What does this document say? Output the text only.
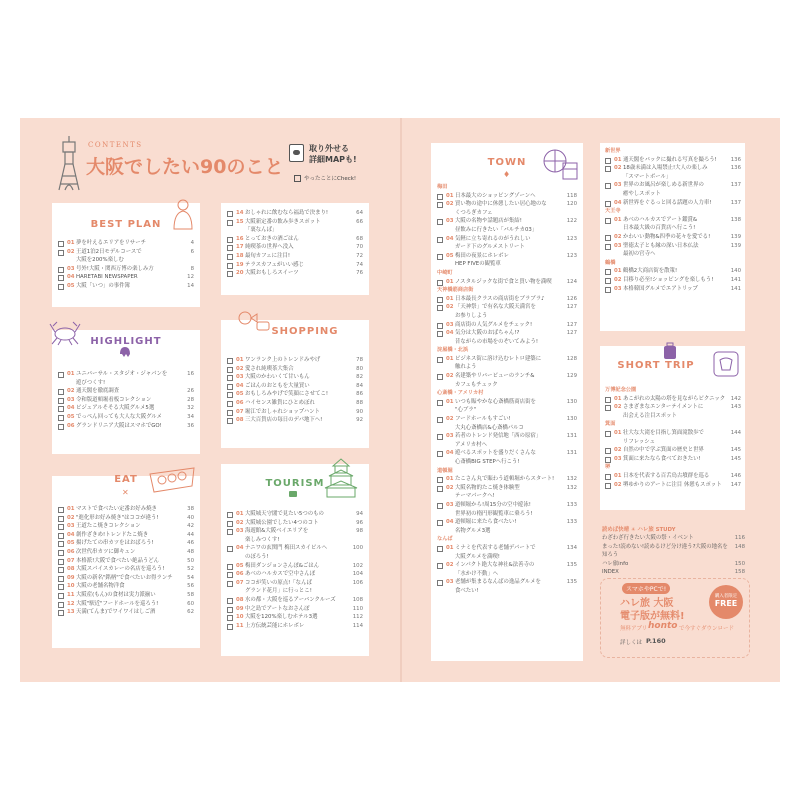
CONTENTS
大阪でしたい90のこと
取り外せる
詳細MAPも!
やったことにCheck!
BEST PLAN
01 夢を叶えるエリアをリサーチ	4
02 王道1泊2日モデルコースで
大阪を200%楽しむ
6
03 号外!大阪・関西万博の楽しみ方	8
04 HARETABI NEWSPAPER	12
05 大阪「いつ」の事件簿	14
HIGHLIGHT
01 ユニバーサル・スタジオ・ジャパンを
遊びつくす!
16
02 通天閣を徹底調査	26
03 令和版道頓堀看板コレクション	28
04 ビジュアルそそる大阪グルメ5選	32
05 でっぺん回っても大人な大阪グルメ	34
06 グランドリニア大阪はスマホでGO!	36
EAT
✕
01 マストで食べたい定番お好み焼き	38
02 "進化形お好み焼き"はココが違う!	40
03 王道たこ焼きコレクション	42
04 創作ざきめ!トレンドたこ焼き	44
05 揚げたての串カツをはおばろう!	46
06 次世代串カツに御キュン	48
07 本格派!大阪で食べたい絶品うどん	50
08 大阪スパイスカレーの名店を巡ろう!	52
09 大阪の新名"銘柄"で食べたいお得ランチ	54
10 大阪の老舗名物洋食	56
11 大阪産(もん)の食材は実力派揃い	58
12 大阪"駅近"フードホールを巡ろう!	60
13 天満(てんま)でワイワイはしご酒	62
14 おしゃれに飲むなら福島で決まり!	64
15 大阪新定番の飲み歩きスポット
「裏なんば」
66
16 とっておきの酒ごはん	68
17 純喫茶の世界へ没入	70
18 最旬カフェに注目!	72
19 テラスカフェがいい感じ	74
20 大阪おもしろスイーツ	76
SHOPPING
01 ワンランク上のトレンドみやげ	78
02 愛され純喫茶大集合	80
03 大阪のかわいくて甘いもん	82
04 ごはんのおともを大量買い	84
05 おもしろみやげで笑顔にさせてこ!	86
06 ハイセンス雑貨にひとめぼれ	88
07 堀江でおしゃれショップハント	90
08 三大百貨店の毎日のデパ地下へ!	92
TOURISM
01 大阪城天守閣で見たい5つのもの	94
02 大阪城公園でしたい4つのコト	96
03 海遊館&大阪ベイエリアを
楽しみつくす!
98
04 ナニワの玄関門 梅田スカイビルへ
のぼろう!
100
05 梅田ダンジョンさんぽ&ごはん	102
06 あべのハルカスで空中さんぽ	104
07 ココが笑いの原点!「なんば
グランド花月」に行っとこ!
106
08 水の都・大阪を巡るアーバンクルーズ	108
09 中之島でアートなおさんぽ	110
10 大阪を120%楽しむホテル3選	112
11 上方伝統芸能にホレボレ	114
TOWN
♦
梅田
01 日本最大のショッピングゾーンへ	118
02 買い物の途中に休憩したい居心地のな
くつろぎカフェ
120
03 大阪の名物や話題店が集結!
昼飲みに行きたい「バルチカ03」
122
04 気軽に立ち寄れるのがうれしい
ガード下のグルメストリート
123
05 梅田の夜景にホレボレ
HEP FIVEの観覧車
123
中崎町
01 ノスタルジックな街で食と買い物を満喫	124
天神橋筋商店街
01 日本最長クラスの商店街をブラブラ♪	126
02 「天神祭」で有名な大阪天満宮を
お参りしよう
127
03 商店街の人気グルメをチェック!	127
04 気分は大阪のおばちゃん!?
昔ながらの市場をのぞいてみよう!
127
淀屋橋・北浜
01 ビジネス街に溶け込むレトロ建築に
触れよう
128
02 名建築やリバービューのランチ&
カフェもチェック
129
心斎橋・アメリカ村
01 いつも賑やかな心斎橋筋商店街を
"心ブラ"
130
02 フードホールもすごい!
大丸心斎橋店&心斎橋パルコ
130
03 若者のトレンド発信地「西の原宿」
アメリカ村へ
131
04 遊べるスポットを盛りだくさんな
心斎橋BIG STEPへ行こう!
131
道頓堀
01 たこさん丸で賑わう道頓堀からスタート!	132
02 大阪名物的たこ焼き体験型
テーマパークへ!
132
03 道頓堀から!周15分の空中遊泳!
世界初の楕円形観覧車に乗ろう!
133
04 道頓堀に来たら食べたい!
名物グルメ3選
133
なんば
01 ミナミを代表する老舗デパートで
大阪グルメを満喫!
134
02 インパクト絶大な神社&法善寺の
「水かけ不動」へ
135
03 老舗が集まるなんばの逸品グルメを
食べたい!
135
新世界
01 通天閣をバックに撮れる写真を撮ろう!	136
02 18歳未満は入場禁止!大人の楽しみ
「スマートボール」
136
03 世界のお風呂が楽しめる新世界の
癒やしスポット
137
04 新世界をぐるっと回る話題の人力車!	137
天王寺
01 あべのハルカスでアート鑑賞&
日本最大級の百貨店へ行こう!
138
02 かわいい動物&四季の花々を愛でる!	139
03 聖徳太子とも縁の深い日本仏法
最初の官寺へ
139
鶴橋
01 鶴橋2大商店街を散策!	140
02 目移り必至!ショッピングを楽しもう!	141
03 本格韓国グルメでエアトリップ	141
SHORT TRIP
万博記念公園
01 あこがれの太陽の塔を見ながらピクニック	142
02 さまざまなエンターテイメントに
出会える注目スポット
143
箕面
01 壮大な大滝を目指し箕面滝散歩で
リフレッシュ
144
02 自然の中で学ぶ箕面の歴史と世界	145
03 箕面に来たなら食べておきたい!	145
堺
01 日本を代表する百舌鳥古墳群を巡る	146
02 堺ゆかりのアートに注目 休憩もスポット	147
読めば快晴 ☀ ハレ旅 STUDY
わざわざ行きたい大阪の祭・イベント	116
まった!読めない!読めるけど分け違う?大阪の地名を知ろう
148
ハレ旅info	150
INDEX	158
スマホやPCで!
ハレ旅 大阪
電子版が無料!
無料アプリ honto で今すぐダウンロード
詳しくは P.160
購入者限定
FREE
